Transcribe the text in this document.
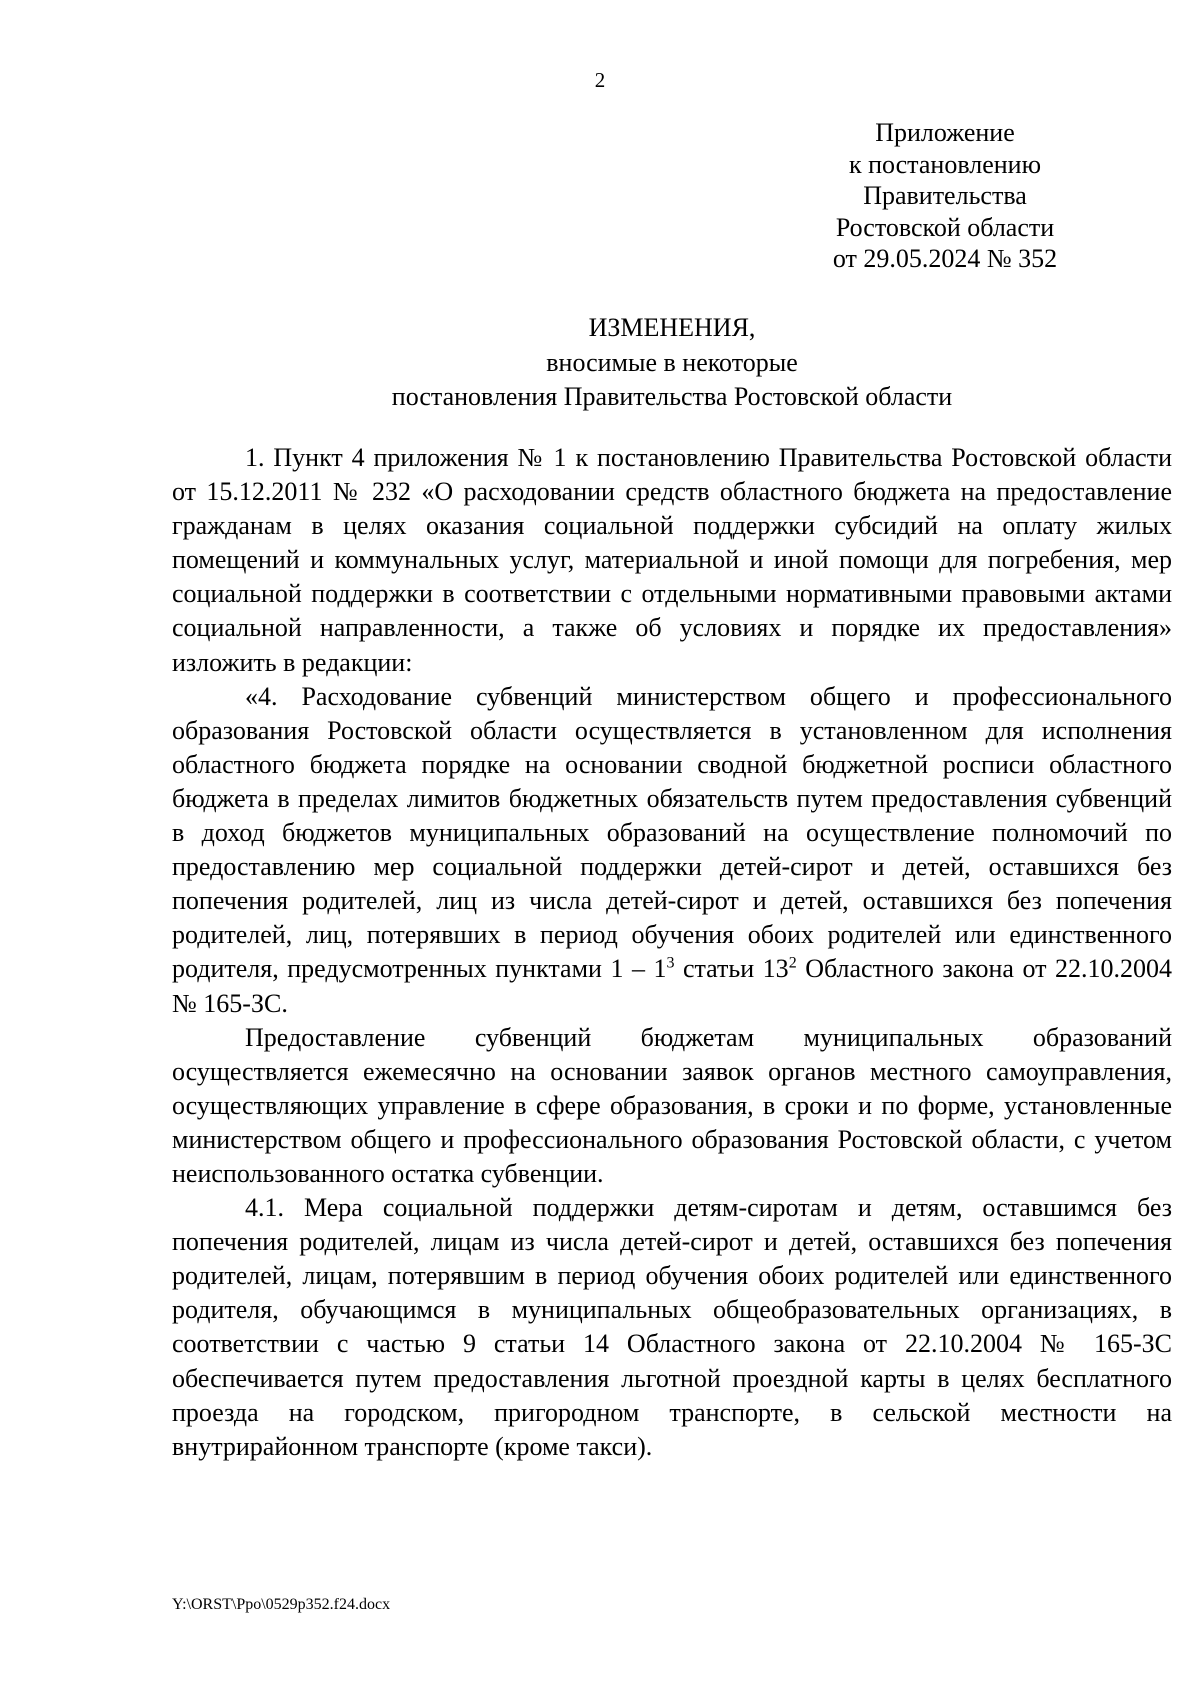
2
Приложение
к постановлению
Правительства
Ростовской области
от 29.05.2024 № 352
ИЗМЕНЕНИЯ,
вносимые в некоторые
постановления Правительства Ростовской области

1. Пункт 4 приложения № 1 к постановлению Правительства Ростовской области от 15.12.2011 № 232 «О расходовании средств областного бюджета на предоставление гражданам в целях оказания социальной поддержки субсидий на оплату жилых помещений и коммунальных услуг, материальной и иной помощи для погребения, мер социальной поддержки в соответствии с отдельными нормативными правовыми актами социальной направленности, а также об условиях и порядке их предоставления» изложить в редакции:

«4. Расходование субвенций министерством общего и профессионального образования Ростовской области осуществляется в установленном для исполнения областного бюджета порядке на основании сводной бюджетной росписи областного бюджета в пределах лимитов бюджетных обязательств путем предоставления субвенций в доход бюджетов муниципальных образований на осуществление полномочий по предоставлению мер социальной поддержки детей-сирот и детей, оставшихся без попечения родителей, лиц из числа детей-сирот и детей, оставшихся без попечения родителей, лиц, потерявших в период обучения обоих родителей или единственного родителя, предусмотренных пунктами $1 - 1^3$ статьи $13^2$ Областного закона от 22.10.2004 № 165-ЗС.

Предоставление субвенций бюджетам муниципальных образований осуществляется ежемесячно на основании заявок органов местного самоуправления, осуществляющих управление в сфере образования, в сроки и по форме, установленные министерством общего и профессионального образования Ростовской области, с учетом неиспользованного остатка субвенции.

4.1. Мера социальной поддержки детям-сиротам и детям, оставшимся без попечения родителей, лицам из числа детей-сирот и детей, оставшихся без попечения родителей, лицам, потерявшим в период обучения обоих родителей или единственного родителя, обучающимся в муниципальных общеобразовательных организациях, в соответствии с частью 9 статьи 14 Областного закона от 22.10.2004 № 165-ЗС обеспечивается путем предоставления льготной проездной карты в целях бесплатного проезда на городском, пригородном транспорте, в сельской местности на внутрирайонном транспорте (кроме такси).

Y:\ORST\Ppo\0529p352.f24.docx
